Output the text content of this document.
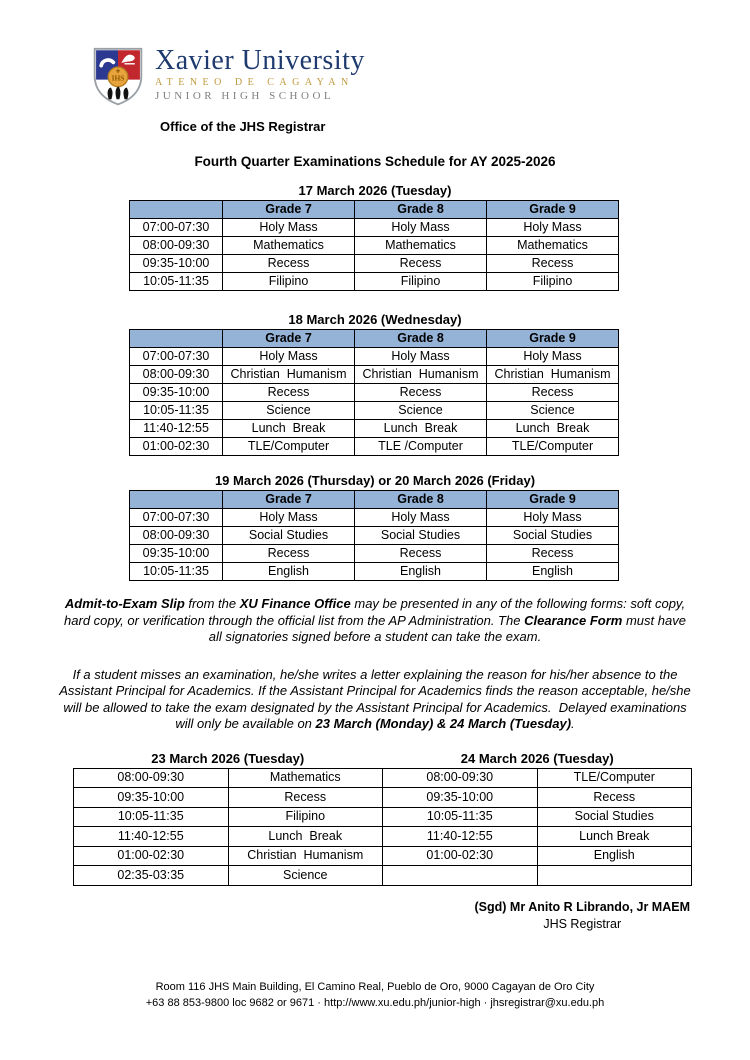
IHS
Xavier University
ATENEO DE CAGAYAN
JUNIOR HIGH SCHOOL
Office of the JHS Registrar
Fourth Quarter Examinations Schedule for AY 2025-2026
17 March 2026 (Tuesday)
	Grade 7	Grade 8	Grade 9
07:00-07:30	Holy Mass	Holy Mass	Holy Mass
08:00-09:30	Mathematics	Mathematics	Mathematics
09:35-10:00	Recess	Recess	Recess
10:05-11:35	Filipino	Filipino	Filipino
18 March 2026 (Wednesday)
	Grade 7	Grade 8	Grade 9
07:00-07:30	Holy Mass	Holy Mass	Holy Mass
08:00-09:30	Christian  Humanism	Christian  Humanism	Christian  Humanism
09:35-10:00	Recess	Recess	Recess
10:05-11:35	Science	Science	Science
11:40-12:55	Lunch  Break	Lunch  Break	Lunch  Break
01:00-02:30	TLE/Computer	TLE /Computer	TLE/Computer
19 March 2026 (Thursday) or 20 March 2026 (Friday)
	Grade 7	Grade 8	Grade 9
07:00-07:30	Holy Mass	Holy Mass	Holy Mass
08:00-09:30	Social Studies	Social Studies	Social Studies
09:35-10:00	Recess	Recess	Recess
10:05-11:35	English	English	English

Admit-to-Exam Slip from the XU Finance Office may be presented in any of the following forms: soft copy, hard copy, or verification through the official list from the AP Administration. The Clearance Form must have all signatories signed before a student can take the exam.

If a student misses an examination, he/she writes a letter explaining the reason for his/her absence to the Assistant Principal for Academics. If the Assistant Principal for Academics finds the reason acceptable, he/she will be allowed to take the exam designated by the Assistant Principal for Academics.  Delayed examinations will only be available on 23 March (Monday) & 24 March (Tuesday).

23 March 2026 (Tuesday)	24 March 2026 (Tuesday)
08:00-09:30	Mathematics	08:00-09:30	TLE/Computer
09:35-10:00	Recess	09:35-10:00	Recess
10:05-11:35	Filipino	10:05-11:35	Social Studies
11:40-12:55	Lunch  Break	11:40-12:55	Lunch Break
01:00-02:30	Christian  Humanism	01:00-02:30	English
02:35-03:35	Science		
(Sgd) Mr Anito R Librando, Jr MAEM
JHS Registrar
Room 116 JHS Main Building, El Camino Real, Pueblo de Oro, 9000 Cagayan de Oro City
+63 88 853-9800 loc 9682 or 9671 · http://www.xu.edu.ph/junior-high · jhsregistrar@xu.edu.ph
